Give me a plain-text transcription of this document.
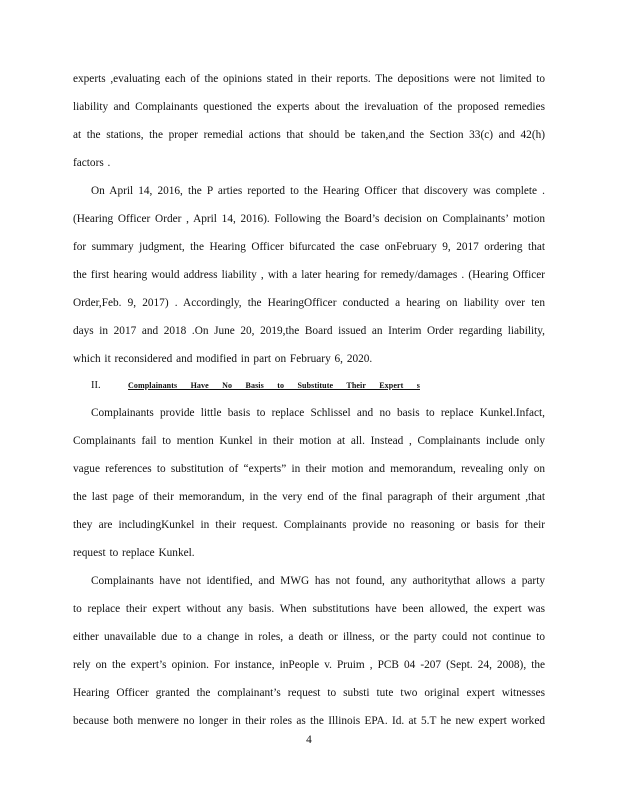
experts ,evaluating each of the opinions stated in their reports. The depositions were not limited to
liability and Complainants questioned the experts about the irevaluation of the proposed remedies
at the stations, the proper remedial actions that should be taken,and the Section 33(c) and 42(h)
factors .
On April 14, 2016, the P arties reported to the Hearing Officer that discovery was complete .
(Hearing Officer Order , April 14, 2016). Following the Board’s decision on Complainants’ motion
for summary judgment, the Hearing Officer bifurcated the case onFebruary 9, 2017 ordering that
the first hearing would address liability , with a later hearing for remedy/damages . (Hearing Officer
Order,Feb. 9, 2017) . Accordingly, the HearingOfficer conducted a hearing on liability over ten
days in 2017 and 2018 .On June 20, 2019,the Board issued an Interim Order regarding liability,
which it reconsidered and modified in part on February 6, 2020.
II.	Complainants Have No Basis to Substitute Their Expert s
Complainants provide little basis to replace Schlissel and no basis to replace Kunkel.Infact,
Complainants fail to mention Kunkel in their motion at all. Instead , Complainants include only
vague references to substitution of “experts” in their motion and memorandum, revealing only on
the last page of their memorandum, in the very end of the final paragraph of their argument ,that
they are includingKunkel in their request. Complainants provide no reasoning or basis for their
request to replace Kunkel.
Complainants have not identified, and MWG has not found, any authoritythat allows a party
to replace their expert without any basis. When substitutions have been allowed, the expert was
either unavailable due to a change in roles, a death or illness, or the party could not continue to
rely on the expert’s opinion. For instance, inPeople v. Pruim , PCB 04 -207 (Sept. 24, 2008), the
Hearing Officer granted the complainant’s request to substi tute two original expert witnesses
because both menwere no longer in their roles as the Illinois EPA. Id. at 5.T he new expert worked
4
